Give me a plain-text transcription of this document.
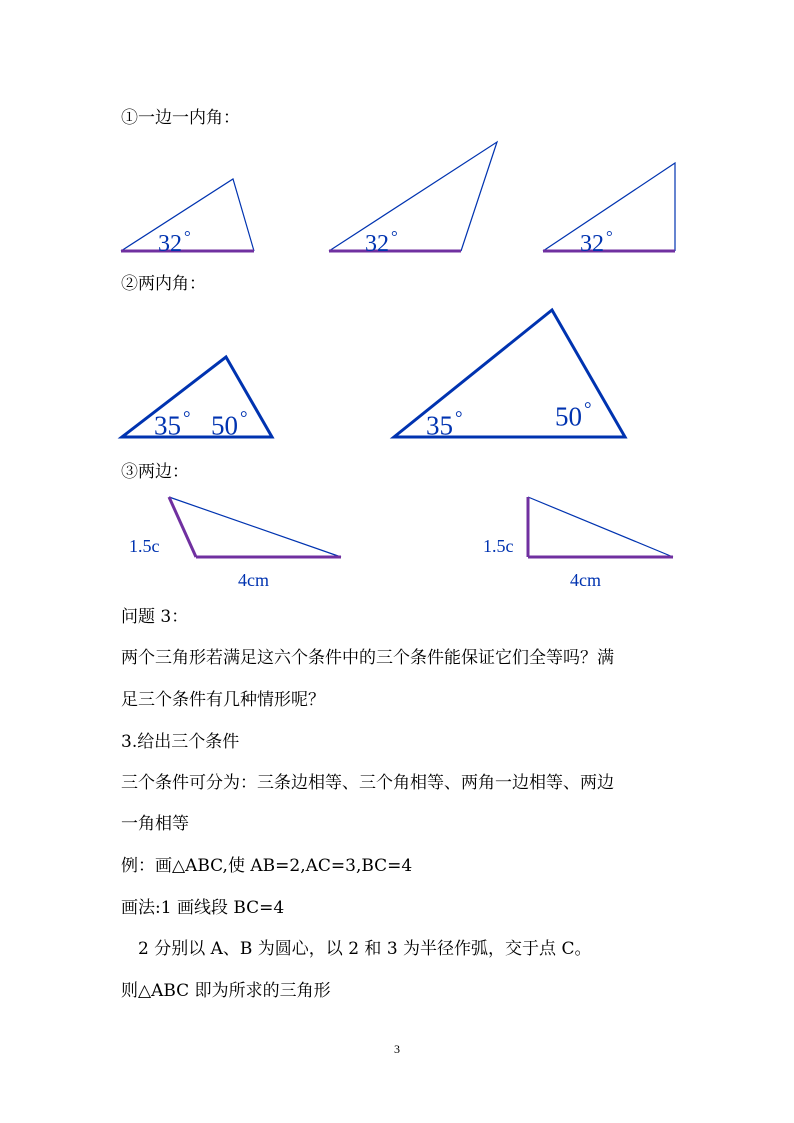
①一边一内角：
32 °	32 °	32 °
②两内角：
35 ° 50 °	35 °	50 °
③两边：
1.5c
4cm
1.5c
4cm
问题 3：
两个三角形若满足这六个条件中的三个条件能保证它们全等吗？满
足三个条件有几种情形呢？
3.给出三个条件
三个条件可分为：三条边相等、三个角相等、两角一边相等、两边
一角相等
例：画△ABC,使 AB=2,AC=3,BC=4
画法:1 画线段 BC=4
2 分别以 A、B 为圆心，以 2 和 3 为半径作弧，交于点 C。
则△ABC 即为所求的三角形
3
